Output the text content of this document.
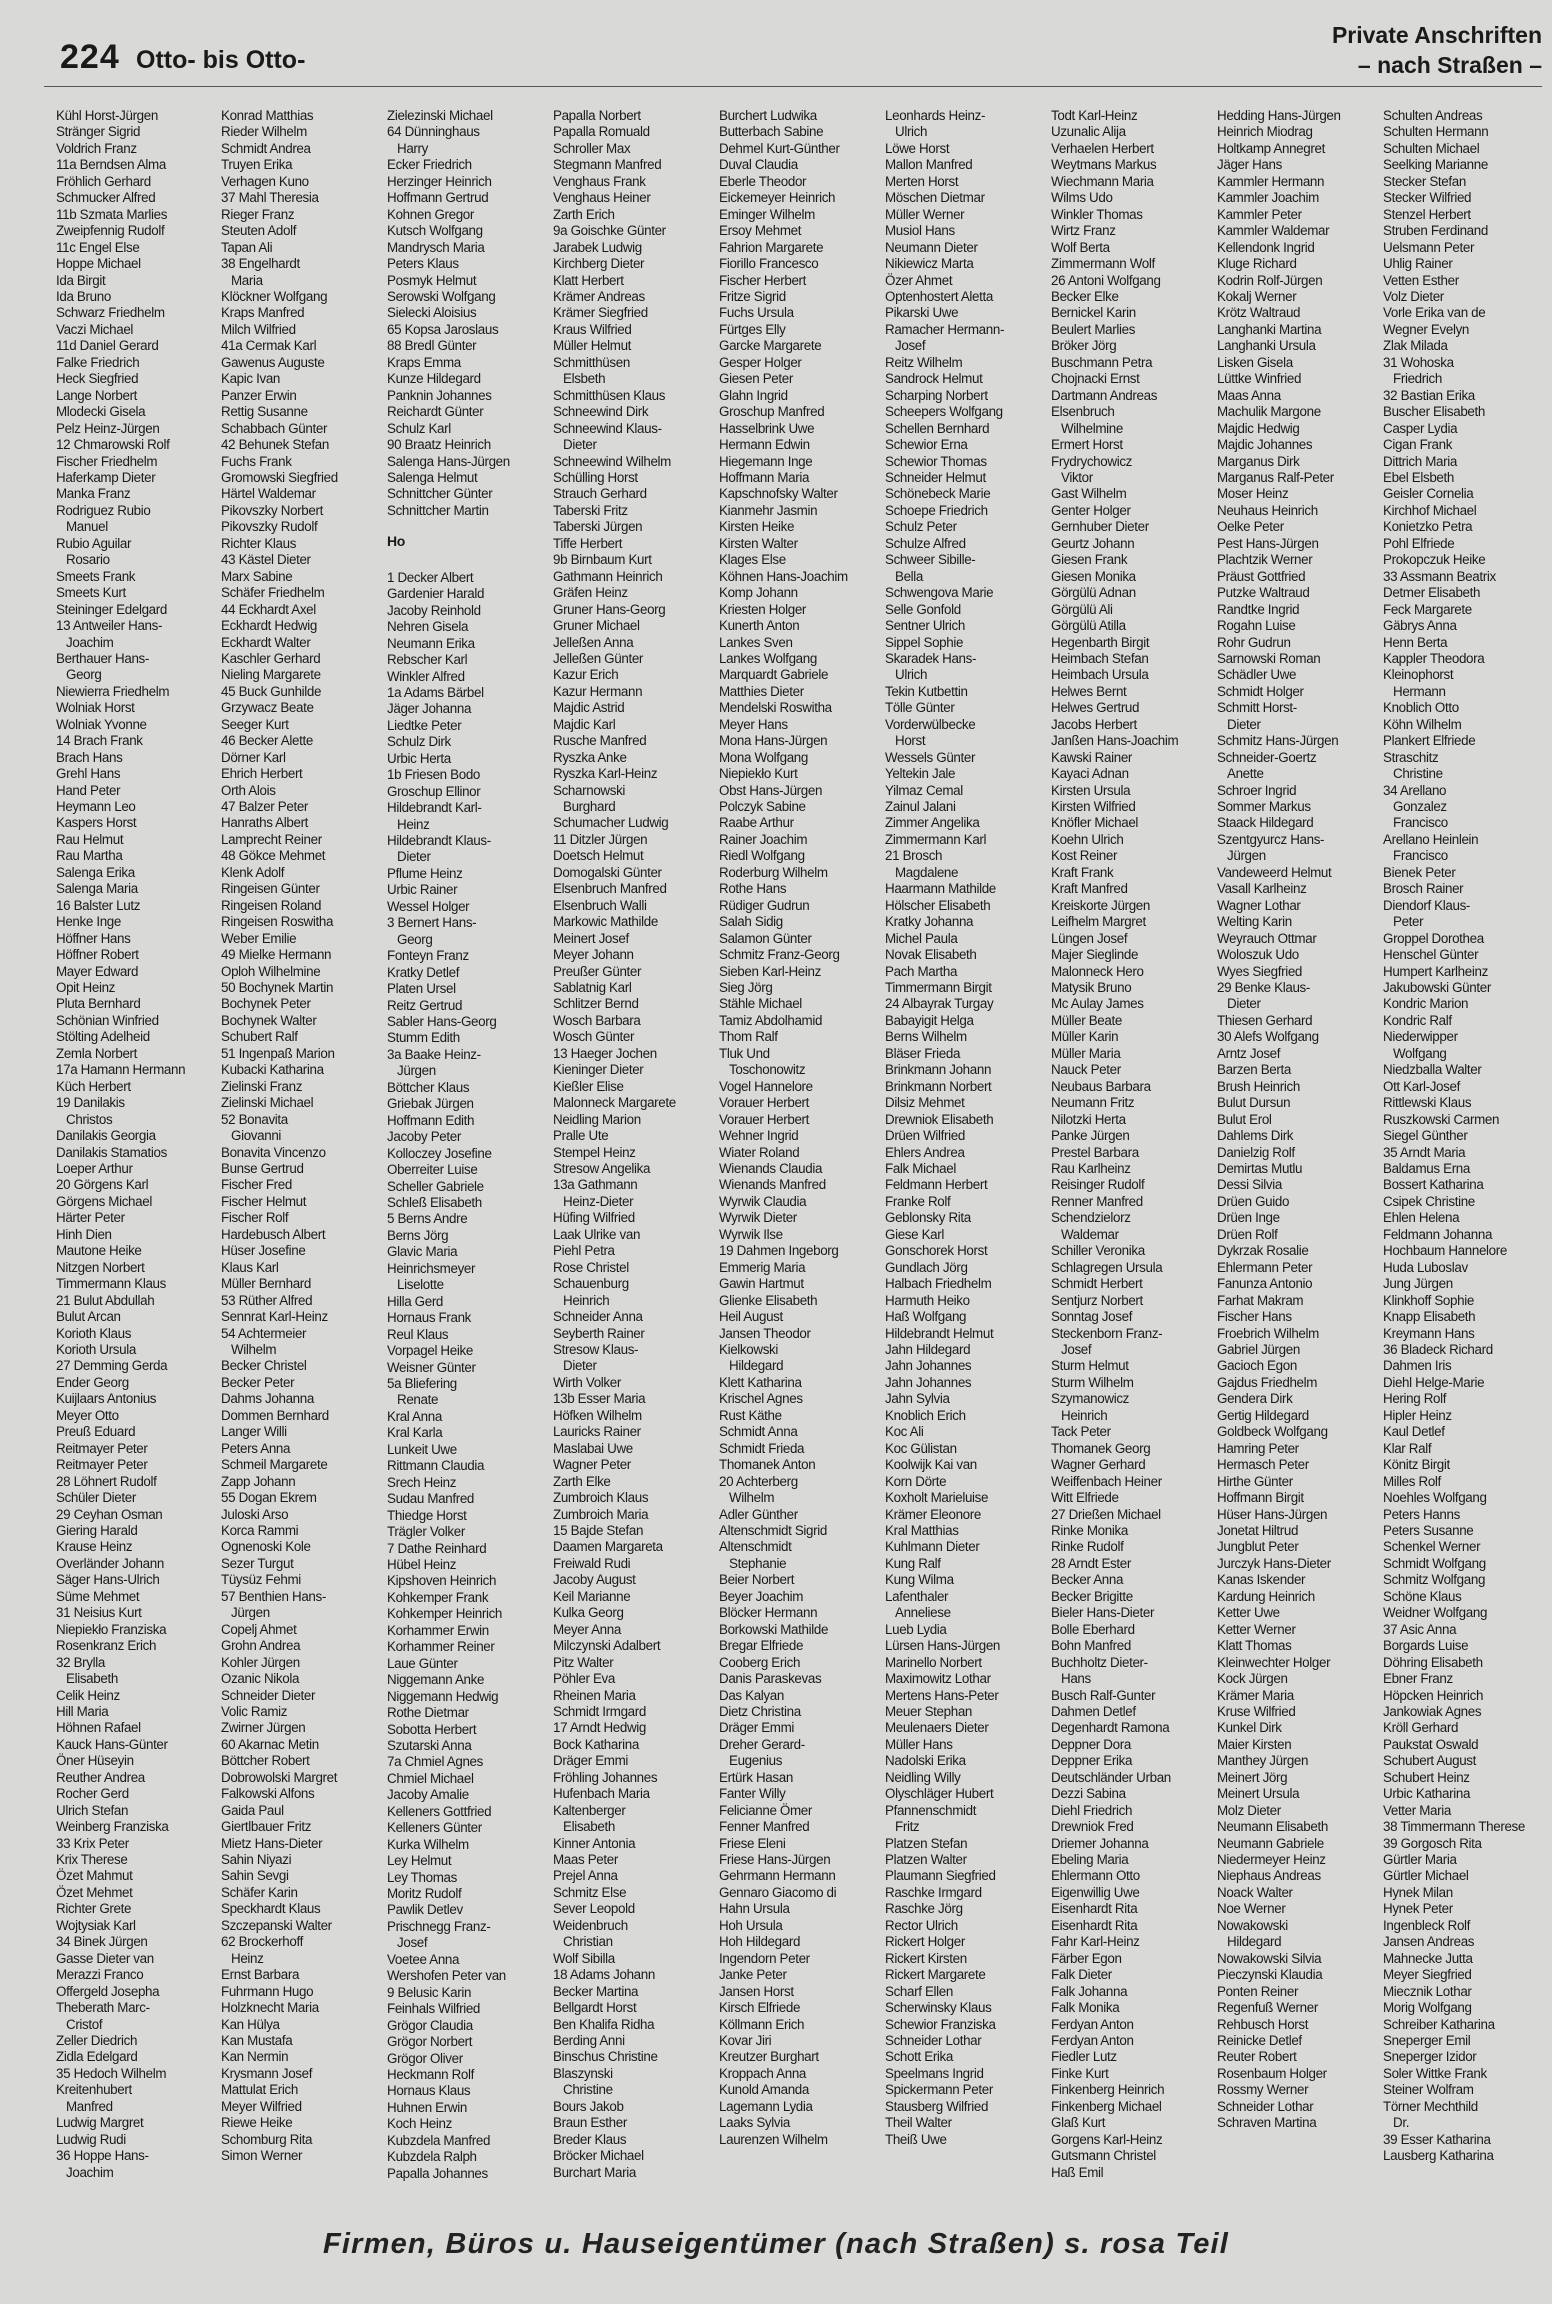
224 Otto- bis Otto-
Private Anschriften
– nach Straßen –
Kühl Horst-Jürgen
Stränger Sigrid
Voldrich Franz
11a Berndsen Alma
Fröhlich Gerhard
Schmucker Alfred
11b Szmata Marlies
Zweipfennig Rudolf
11c Engel Else
Hoppe Michael
Ida Birgit
Ida Bruno
Schwarz Friedhelm
Vaczi Michael
11d Daniel Gerard
Falke Friedrich
Heck Siegfried
Lange Norbert
Mlodecki Gisela
Pelz Heinz-Jürgen
12 Chmarowski Rolf
Fischer Friedhelm
Haferkamp Dieter
Manka Franz
Rodriguez Rubio
Manuel
Rubio Aguilar
Rosario
Smeets Frank
Smeets Kurt
Steininger Edelgard
13 Antweiler Hans-
Joachim
Berthauer Hans-
Georg
Niewierra Friedhelm
Wolniak Horst
Wolniak Yvonne
14 Brach Frank
Brach Hans
Grehl Hans
Hand Peter
Heymann Leo
Kaspers Horst
Rau Helmut
Rau Martha
Salenga Erika
Salenga Maria
16 Balster Lutz
Henke Inge
Höffner Hans
Höffner Robert
Mayer Edward
Opit Heinz
Pluta Bernhard
Schönian Winfried
Stölting Adelheid
Zemla Norbert
17a Hamann Hermann
Küch Herbert
19 Danilakis
Christos
Danilakis Georgia
Danilakis Stamatios
Loeper Arthur
20 Görgens Karl
Görgens Michael
Härter Peter
Hinh Dien
Mautone Heike
Nitzgen Norbert
Timmermann Klaus
21 Bulut Abdullah
Bulut Arcan
Korioth Klaus
Korioth Ursula
27 Demming Gerda
Ender Georg
Kuijlaars Antonius
Meyer Otto
Preuß Eduard
Reitmayer Peter
Reitmayer Peter
28 Löhnert Rudolf
Schüler Dieter
29 Ceyhan Osman
Giering Harald
Krause Heinz
Overländer Johann
Säger Hans-Ulrich
Süme Mehmet
31 Neisius Kurt
Niepiekło Franziska
Rosenkranz Erich
32 Brylla
Elisabeth
Celik Heinz
Hill Maria
Höhnen Rafael
Kauck Hans-Günter
Öner Hüseyin
Reuther Andrea
Rocher Gerd
Ulrich Stefan
Weinberg Franziska
33 Krix Peter
Krix Therese
Özet Mahmut
Özet Mehmet
Richter Grete
Wojtysiak Karl
34 Binek Jürgen
Gasse Dieter van
Merazzi Franco
Offergeld Josepha
Theberath Marc-
Cristof
Zeller Diedrich
Zidla Edelgard
35 Hedoch Wilhelm
Kreitenhubert
Manfred
Ludwig Margret
Ludwig Rudi
36 Hoppe Hans-
Joachim
Konrad Matthias
Rieder Wilhelm
Schmidt Andrea
Truyen Erika
Verhagen Kuno
37 Mahl Theresia
Rieger Franz
Steuten Adolf
Tapan Ali
38 Engelhardt
Maria
Klöckner Wolfgang
Kraps Manfred
Milch Wilfried
41a Cermak Karl
Gawenus Auguste
Kapic Ivan
Panzer Erwin
Rettig Susanne
Schabbach Günter
42 Behunek Stefan
Fuchs Frank
Gromowski Siegfried
Härtel Waldemar
Pikovszky Norbert
Pikovszky Rudolf
Richter Klaus
43 Kästel Dieter
Marx Sabine
Schäfer Friedhelm
44 Eckhardt Axel
Eckhardt Hedwig
Eckhardt Walter
Kaschler Gerhard
Nieling Margarete
45 Buck Gunhilde
Grzywacz Beate
Seeger Kurt
46 Becker Alette
Dörner Karl
Ehrich Herbert
Orth Alois
47 Balzer Peter
Hanraths Albert
Lamprecht Reiner
48 Gökce Mehmet
Klenk Adolf
Ringeisen Günter
Ringeisen Roland
Ringeisen Roswitha
Weber Emilie
49 Mielke Hermann
Oploh Wilhelmine
50 Bochynek Martin
Bochynek Peter
Bochynek Walter
Schubert Ralf
51 Ingenpaß Marion
Kubacki Katharina
Zielinski Franz
Zielinski Michael
52 Bonavita
Giovanni
Bonavita Vincenzo
Bunse Gertrud
Fischer Fred
Fischer Helmut
Fischer Rolf
Hardebusch Albert
Hüser Josefine
Klaus Karl
Müller Bernhard
53 Rüther Alfred
Sennrat Karl-Heinz
54 Achtermeier
Wilhelm
Becker Christel
Becker Peter
Dahms Johanna
Dommen Bernhard
Langer Willi
Peters Anna
Schmeil Margarete
Zapp Johann
55 Dogan Ekrem
Juloski Arso
Korca Rammi
Ognenoski Kole
Sezer Turgut
Tüysüz Fehmi
57 Benthien Hans-
Jürgen
Copelj Ahmet
Grohn Andrea
Kohler Jürgen
Ozanic Nikola
Schneider Dieter
Volic Ramiz
Zwirner Jürgen
60 Akarnac Metin
Böttcher Robert
Dobrowolski Margret
Falkowski Alfons
Gaida Paul
Giertlbauer Fritz
Mietz Hans-Dieter
Sahin Niyazi
Sahin Sevgi
Schäfer Karin
Speckhardt Klaus
Szczepanski Walter
62 Brockerhoff
Heinz
Ernst Barbara
Fuhrmann Hugo
Holzknecht Maria
Kan Hülya
Kan Mustafa
Kan Nermin
Krysmann Josef
Mattulat Erich
Meyer Wilfried
Riewe Heike
Schomburg Rita
Simon Werner
Zielezinski Michael
64 Dünninghaus
Harry
Ecker Friedrich
Herzinger Heinrich
Hoffmann Gertrud
Kohnen Gregor
Kutsch Wolfgang
Mandrysch Maria
Peters Klaus
Posmyk Helmut
Serowski Wolfgang
Sielecki Aloisius
65 Kopsa Jaroslaus
88 Bredl Günter
Kraps Emma
Kunze Hildegard
Panknin Johannes
Reichardt Günter
Schulz Karl
90 Braatz Heinrich
Salenga Hans-Jürgen
Salenga Helmut
Schnittcher Günter
Schnittcher Martin
Ho
1 Decker Albert
Gardenier Harald
Jacoby Reinhold
Nehren Gisela
Neumann Erika
Rebscher Karl
Winkler Alfred
1a Adams Bärbel
Jäger Johanna
Liedtke Peter
Schulz Dirk
Urbic Herta
1b Friesen Bodo
Groschup Ellinor
Hildebrandt Karl-
Heinz
Hildebrandt Klaus-
Dieter
Pflume Heinz
Urbic Rainer
Wessel Holger
3 Bernert Hans-
Georg
Fonteyn Franz
Kratky Detlef
Platen Ursel
Reitz Gertrud
Sabler Hans-Georg
Stumm Edith
3a Baake Heinz-
Jürgen
Böttcher Klaus
Griebak Jürgen
Hoffmann Edith
Jacoby Peter
Kolloczey Josefine
Oberreiter Luise
Scheller Gabriele
Schleß Elisabeth
5 Berns Andre
Berns Jörg
Glavic Maria
Heinrichsmeyer
Liselotte
Hilla Gerd
Hornaus Frank
Reul Klaus
Vorpagel Heike
Weisner Günter
5a Bliefering
Renate
Kral Anna
Kral Karla
Lunkeit Uwe
Rittmann Claudia
Srech Heinz
Sudau Manfred
Thiedge Horst
Trägler Volker
7 Dathe Reinhard
Hübel Heinz
Kipshoven Heinrich
Kohkemper Frank
Kohkemper Heinrich
Korhammer Erwin
Korhammer Reiner
Laue Günter
Niggemann Anke
Niggemann Hedwig
Rothe Dietmar
Sobotta Herbert
Szutarski Anna
7a Chmiel Agnes
Chmiel Michael
Jacoby Amalie
Kelleners Gottfried
Kelleners Günter
Kurka Wilhelm
Ley Helmut
Ley Thomas
Moritz Rudolf
Pawlik Detlev
Prischnegg Franz-
Josef
Voetee Anna
Wershofen Peter van
9 Belusic Karin
Feinhals Wilfried
Grögor Claudia
Grögor Norbert
Grögor Oliver
Heckmann Rolf
Hornaus Klaus
Huhnen Erwin
Koch Heinz
Kubzdela Manfred
Kubzdela Ralph
Papalla Johannes
Papalla Norbert
Papalla Romuald
Schroller Max
Stegmann Manfred
Venghaus Frank
Venghaus Heiner
Zarth Erich
9a Goischke Günter
Jarabek Ludwig
Kirchberg Dieter
Klatt Herbert
Krämer Andreas
Krämer Siegfried
Kraus Wilfried
Müller Helmut
Schmitthüsen
Elsbeth
Schmitthüsen Klaus
Schneewind Dirk
Schneewind Klaus-
Dieter
Schneewind Wilhelm
Schülling Horst
Strauch Gerhard
Taberski Fritz
Taberski Jürgen
Tiffe Herbert
9b Birnbaum Kurt
Gathmann Heinrich
Gräfen Heinz
Gruner Hans-Georg
Gruner Michael
Jelleßen Anna
Jelleßen Günter
Kazur Erich
Kazur Hermann
Majdic Astrid
Majdic Karl
Rusche Manfred
Ryszka Anke
Ryszka Karl-Heinz
Scharnowski
Burghard
Schumacher Ludwig
11 Ditzler Jürgen
Doetsch Helmut
Domogalski Günter
Elsenbruch Manfred
Elsenbruch Walli
Markowic Mathilde
Meinert Josef
Meyer Johann
Preußer Günter
Sablatnig Karl
Schlitzer Bernd
Wosch Barbara
Wosch Günter
13 Haeger Jochen
Kieninger Dieter
Kießler Elise
Malonneck Margarete
Neidling Marion
Pralle Ute
Stempel Heinz
Stresow Angelika
13a Gathmann
Heinz-Dieter
Hüfing Wilfried
Laak Ulrike van
Piehl Petra
Rose Christel
Schauenburg
Heinrich
Schneider Anna
Seyberth Rainer
Stresow Klaus-
Dieter
Wirth Volker
13b Esser Maria
Höfken Wilhelm
Lauricks Rainer
Maslabai Uwe
Wagner Peter
Zarth Elke
Zumbroich Klaus
Zumbroich Maria
15 Bajde Stefan
Daamen Margareta
Freiwald Rudi
Jacoby August
Keil Marianne
Kulka Georg
Meyer Anna
Milczynski Adalbert
Pitz Walter
Pöhler Eva
Rheinen Maria
Schmidt Irmgard
17 Arndt Hedwig
Bock Katharina
Dräger Emmi
Fröhling Johannes
Hufenbach Maria
Kaltenberger
Elisabeth
Kinner Antonia
Maas Peter
Prejel Anna
Schmitz Else
Sever Leopold
Weidenbruch
Christian
Wolf Sibilla
18 Adams Johann
Becker Martina
Bellgardt Horst
Ben Khalifa Ridha
Berding Anni
Binschus Christine
Blaszynski
Christine
Bours Jakob
Braun Esther
Breder Klaus
Bröcker Michael
Burchart Maria
Burchert Ludwika
Butterbach Sabine
Dehmel Kurt-Günther
Duval Claudia
Eberle Theodor
Eickemeyer Heinrich
Eminger Wilhelm
Ersoy Mehmet
Fahrion Margarete
Fiorillo Francesco
Fischer Herbert
Fritze Sigrid
Fuchs Ursula
Fürtges Elly
Garcke Margarete
Gesper Holger
Giesen Peter
Glahn Ingrid
Groschup Manfred
Hasselbrink Uwe
Hermann Edwin
Hiegemann Inge
Hoffmann Maria
Kapschnofsky Walter
Kianmehr Jasmin
Kirsten Heike
Kirsten Walter
Klages Else
Köhnen Hans-Joachim
Komp Johann
Kriesten Holger
Kunerth Anton
Lankes Sven
Lankes Wolfgang
Marquardt Gabriele
Matthies Dieter
Mendelski Roswitha
Meyer Hans
Mona Hans-Jürgen
Mona Wolfgang
Niepiekło Kurt
Obst Hans-Jürgen
Polczyk Sabine
Raabe Arthur
Rainer Joachim
Riedl Wolfgang
Roderburg Wilhelm
Rothe Hans
Rüdiger Gudrun
Salah Sidig
Salamon Günter
Schmitz Franz-Georg
Sieben Karl-Heinz
Sieg Jörg
Stähle Michael
Tamiz Abdolhamid
Thom Ralf
Tluk Und
Toschonowitz
Vogel Hannelore
Vorauer Herbert
Vorauer Herbert
Wehner Ingrid
Wiater Roland
Wienands Claudia
Wienands Manfred
Wyrwik Claudia
Wyrwik Dieter
Wyrwik Ilse
19 Dahmen Ingeborg
Emmerig Maria
Gawin Hartmut
Glienke Elisabeth
Heil August
Jansen Theodor
Kielkowski
Hildegard
Klett Katharina
Krischel Agnes
Rust Käthe
Schmidt Anna
Schmidt Frieda
Thomanek Anton
20 Achterberg
Wilhelm
Adler Günther
Altenschmidt Sigrid
Altenschmidt
Stephanie
Beier Norbert
Beyer Joachim
Blöcker Hermann
Borkowski Mathilde
Bregar Elfriede
Cooberg Erich
Danis Paraskevas
Das Kalyan
Dietz Christina
Dräger Emmi
Dreher Gerard-
Eugenius
Ertürk Hasan
Fanter Willy
Felicianne Ömer
Fenner Manfred
Friese Eleni
Friese Hans-Jürgen
Gehrmann Hermann
Gennaro Giacomo di
Hahn Ursula
Hoh Ursula
Hoh Hildegard
Ingendorn Peter
Janke Peter
Jansen Horst
Kirsch Elfriede
Köllmann Erich
Kovar Jiri
Kreutzer Burghart
Kroppach Anna
Kunold Amanda
Lagemann Lydia
Laaks Sylvia
Laurenzen Wilhelm
Leonhards Heinz-
Ulrich
Löwe Horst
Mallon Manfred
Merten Horst
Möschen Dietmar
Müller Werner
Musiol Hans
Neumann Dieter
Nikiewicz Marta
Özer Ahmet
Optenhostert Aletta
Pikarski Uwe
Ramacher Hermann-
Josef
Reitz Wilhelm
Sandrock Helmut
Scharping Norbert
Scheepers Wolfgang
Schellen Bernhard
Schewior Erna
Schewior Thomas
Schneider Helmut
Schönebeck Marie
Schoepe Friedrich
Schulz Peter
Schulze Alfred
Schweer Sibille-
Bella
Schwengova Marie
Selle Gonfold
Sentner Ulrich
Sippel Sophie
Skaradek Hans-
Ulrich
Tekin Kutbettin
Tölle Günter
Vorderwülbecke
Horst
Wessels Günter
Yeltekin Jale
Yilmaz Cemal
Zainul Jalani
Zimmer Angelika
Zimmermann Karl
21 Brosch
Magdalene
Haarmann Mathilde
Hölscher Elisabeth
Kratky Johanna
Michel Paula
Novak Elisabeth
Pach Martha
Timmermann Birgit
24 Albayrak Turgay
Babayigit Helga
Berns Wilhelm
Bläser Frieda
Brinkmann Johann
Brinkmann Norbert
Dilsiz Mehmet
Drewniok Elisabeth
Drüen Wilfried
Ehlers Andrea
Falk Michael
Feldmann Herbert
Franke Rolf
Geblonsky Rita
Giese Karl
Gonschorek Horst
Gundlach Jörg
Halbach Friedhelm
Harmuth Heiko
Haß Wolfgang
Hildebrandt Helmut
Jahn Hildegard
Jahn Johannes
Jahn Johannes
Jahn Sylvia
Knoblich Erich
Koc Ali
Koc Gülistan
Koolwijk Kai van
Korn Dörte
Koxholt Marieluise
Krämer Eleonore
Kral Matthias
Kuhlmann Dieter
Kung Ralf
Kung Wilma
Lafenthaler
Anneliese
Lueb Lydia
Lürsen Hans-Jürgen
Marinello Norbert
Maximowitz Lothar
Mertens Hans-Peter
Meuer Stephan
Meulenaers Dieter
Müller Hans
Nadolski Erika
Neidling Willy
Olyschläger Hubert
Pfannenschmidt
Fritz
Platzen Stefan
Platzen Walter
Plaumann Siegfried
Raschke Irmgard
Raschke Jörg
Rector Ulrich
Rickert Holger
Rickert Kirsten
Rickert Margarete
Scharf Ellen
Scherwinsky Klaus
Schewior Franziska
Schneider Lothar
Schott Erika
Speelmans Ingrid
Spickermann Peter
Stausberg Wilfried
Theil Walter
Theiß Uwe
Todt Karl-Heinz
Uzunalic Alija
Verhaelen Herbert
Weytmans Markus
Wiechmann Maria
Wilms Udo
Winkler Thomas
Wirtz Franz
Wolf Berta
Zimmermann Wolf
26 Antoni Wolfgang
Becker Elke
Bernickel Karin
Beulert Marlies
Bröker Jörg
Buschmann Petra
Chojnacki Ernst
Dartmann Andreas
Elsenbruch
Wilhelmine
Ermert Horst
Frydrychowicz
Viktor
Gast Wilhelm
Genter Holger
Gernhuber Dieter
Geurtz Johann
Giesen Frank
Giesen Monika
Görgülü Adnan
Görgülü Ali
Görgülü Atilla
Hegenbarth Birgit
Heimbach Stefan
Heimbach Ursula
Helwes Bernt
Helwes Gertrud
Jacobs Herbert
Janßen Hans-Joachim
Kawski Rainer
Kayaci Adnan
Kirsten Ursula
Kirsten Wilfried
Knöfler Michael
Koehn Ulrich
Kost Reiner
Kraft Frank
Kraft Manfred
Kreiskorte Jürgen
Leifhelm Margret
Lüngen Josef
Majer Sieglinde
Malonneck Hero
Matysik Bruno
Mc Aulay James
Müller Beate
Müller Karin
Müller Maria
Nauck Peter
Neubaus Barbara
Neumann Fritz
Nilotzki Herta
Panke Jürgen
Prestel Barbara
Rau Karlheinz
Reisinger Rudolf
Renner Manfred
Schendzielorz
Waldemar
Schiller Veronika
Schlagregen Ursula
Schmidt Herbert
Sentjurz Norbert
Sonntag Josef
Steckenborn Franz-
Josef
Sturm Helmut
Sturm Wilhelm
Szymanowicz
Heinrich
Tack Peter
Thomanek Georg
Wagner Gerhard
Weiffenbach Heiner
Witt Elfriede
27 Drießen Michael
Rinke Monika
Rinke Rudolf
28 Arndt Ester
Becker Anna
Becker Brigitte
Bieler Hans-Dieter
Bolle Eberhard
Bohn Manfred
Buchholtz Dieter-
Hans
Busch Ralf-Gunter
Dahmen Detlef
Degenhardt Ramona
Deppner Dora
Deppner Erika
Deutschländer Urban
Dezzi Sabina
Diehl Friedrich
Drewniok Fred
Driemer Johanna
Ebeling Maria
Ehlermann Otto
Eigenwillig Uwe
Eisenhardt Rita
Eisenhardt Rita
Fahr Karl-Heinz
Färber Egon
Falk Dieter
Falk Johanna
Falk Monika
Ferdyan Anton
Ferdyan Anton
Fiedler Lutz
Finke Kurt
Finkenberg Heinrich
Finkenberg Michael
Glaß Kurt
Gorgens Karl-Heinz
Gutsmann Christel
Haß Emil
Hedding Hans-Jürgen
Heinrich Miodrag
Holtkamp Annegret
Jäger Hans
Kammler Hermann
Kammler Joachim
Kammler Peter
Kammler Waldemar
Kellendonk Ingrid
Kluge Richard
Kodrin Rolf-Jürgen
Kokalj Werner
Krötz Waltraud
Langhanki Martina
Langhanki Ursula
Lisken Gisela
Lüttke Winfried
Maas Anna
Machulik Margone
Majdic Hedwig
Majdic Johannes
Marganus Dirk
Marganus Ralf-Peter
Moser Heinz
Neuhaus Heinrich
Oelke Peter
Pest Hans-Jürgen
Plachtzik Werner
Präust Gottfried
Putzke Waltraud
Randtke Ingrid
Rogahn Luise
Rohr Gudrun
Sarnowski Roman
Schädler Uwe
Schmidt Holger
Schmitt Horst-
Dieter
Schmitz Hans-Jürgen
Schneider-Goertz
Anette
Schroer Ingrid
Sommer Markus
Staack Hildegard
Szentgyurcz Hans-
Jürgen
Vandeweerd Helmut
Vasall Karlheinz
Wagner Lothar
Welting Karin
Weyrauch Ottmar
Woloszuk Udo
Wyes Siegfried
29 Benke Klaus-
Dieter
Thiesen Gerhard
30 Alefs Wolfgang
Arntz Josef
Barzen Berta
Brush Heinrich
Bulut Dursun
Bulut Erol
Dahlems Dirk
Danielzig Rolf
Demirtas Mutlu
Dessi Silvia
Drüen Guido
Drüen Inge
Drüen Rolf
Dykrzak Rosalie
Ehlermann Peter
Fanunza Antonio
Farhat Makram
Fischer Hans
Froebrich Wilhelm
Gabriel Jürgen
Gacioch Egon
Gajdus Friedhelm
Gendera Dirk
Gertig Hildegard
Goldbeck Wolfgang
Hamring Peter
Hermasch Peter
Hirthe Günter
Hoffmann Birgit
Hüser Hans-Jürgen
Jonetat Hiltrud
Jungblut Peter
Jurczyk Hans-Dieter
Kanas Iskender
Kardung Heinrich
Ketter Uwe
Ketter Werner
Klatt Thomas
Kleinwechter Holger
Kock Jürgen
Krämer Maria
Kruse Wilfried
Kunkel Dirk
Maier Kirsten
Manthey Jürgen
Meinert Jörg
Meinert Ursula
Molz Dieter
Neumann Elisabeth
Neumann Gabriele
Niedermeyer Heinz
Niephaus Andreas
Noack Walter
Noe Werner
Nowakowski
Hildegard
Nowakowski Silvia
Pieczynski Klaudia
Ponten Reiner
Regenfuß Werner
Rehbusch Horst
Reinicke Detlef
Reuter Robert
Rosenbaum Holger
Rossmy Werner
Schneider Lothar
Schraven Martina
Schulten Andreas
Schulten Hermann
Schulten Michael
Seelking Marianne
Stecker Stefan
Stecker Wilfried
Stenzel Herbert
Struben Ferdinand
Uelsmann Peter
Uhlig Rainer
Vetten Esther
Volz Dieter
Vorle Erika van de
Wegner Evelyn
Zlak Milada
31 Wohoska
Friedrich
32 Bastian Erika
Buscher Elisabeth
Casper Lydia
Cigan Frank
Dittrich Maria
Ebel Elsbeth
Geisler Cornelia
Kirchhof Michael
Konietzko Petra
Pohl Elfriede
Prokopczuk Heike
33 Assmann Beatrix
Detmer Elisabeth
Feck Margarete
Gäbrys Anna
Henn Berta
Kappler Theodora
Kleinophorst
Hermann
Knoblich Otto
Köhn Wilhelm
Plankert Elfriede
Straschitz
Christine
34 Arellano
Gonzalez
Francisco
Arellano Heinlein
Francisco
Bienek Peter
Brosch Rainer
Diendorf Klaus-
Peter
Groppel Dorothea
Henschel Günter
Humpert Karlheinz
Jakubowski Günter
Kondric Marion
Kondric Ralf
Niederwipper
Wolfgang
Niedzballa Walter
Ott Karl-Josef
Rittlewski Klaus
Ruszkowski Carmen
Siegel Günther
35 Arndt Maria
Baldamus Erna
Bossert Katharina
Csipek Christine
Ehlen Helena
Feldmann Johanna
Hochbaum Hannelore
Huda Luboslav
Jung Jürgen
Klinkhoff Sophie
Knapp Elisabeth
Kreymann Hans
36 Bladeck Richard
Dahmen Iris
Diehl Helge-Marie
Hering Rolf
Hipler Heinz
Kaul Detlef
Klar Ralf
Könitz Birgit
Milles Rolf
Noehles Wolfgang
Peters Hanns
Peters Susanne
Schenkel Werner
Schmidt Wolfgang
Schmitz Wolfgang
Schöne Klaus
Weidner Wolfgang
37 Asic Anna
Borgards Luise
Döhring Elisabeth
Ebner Franz
Höpcken Heinrich
Jankowiak Agnes
Kröll Gerhard
Paukstat Oswald
Schubert August
Schubert Heinz
Urbic Katharina
Vetter Maria
38 Timmermann Therese
39 Gorgosch Rita
Gürtler Maria
Gürtler Michael
Hynek Milan
Hynek Peter
Ingenbleck Rolf
Jansen Andreas
Mahnecke Jutta
Meyer Siegfried
Miecznik Lothar
Morig Wolfgang
Schreiber Katharina
Sneperger Emil
Sneperger Izidor
Soler Wittke Frank
Steiner Wolfram
Törner Mechthild
Dr.
39 Esser Katharina
Lausberg Katharina
Firmen, Büros u. Hauseigentümer (nach Straßen) s. rosa Teil
